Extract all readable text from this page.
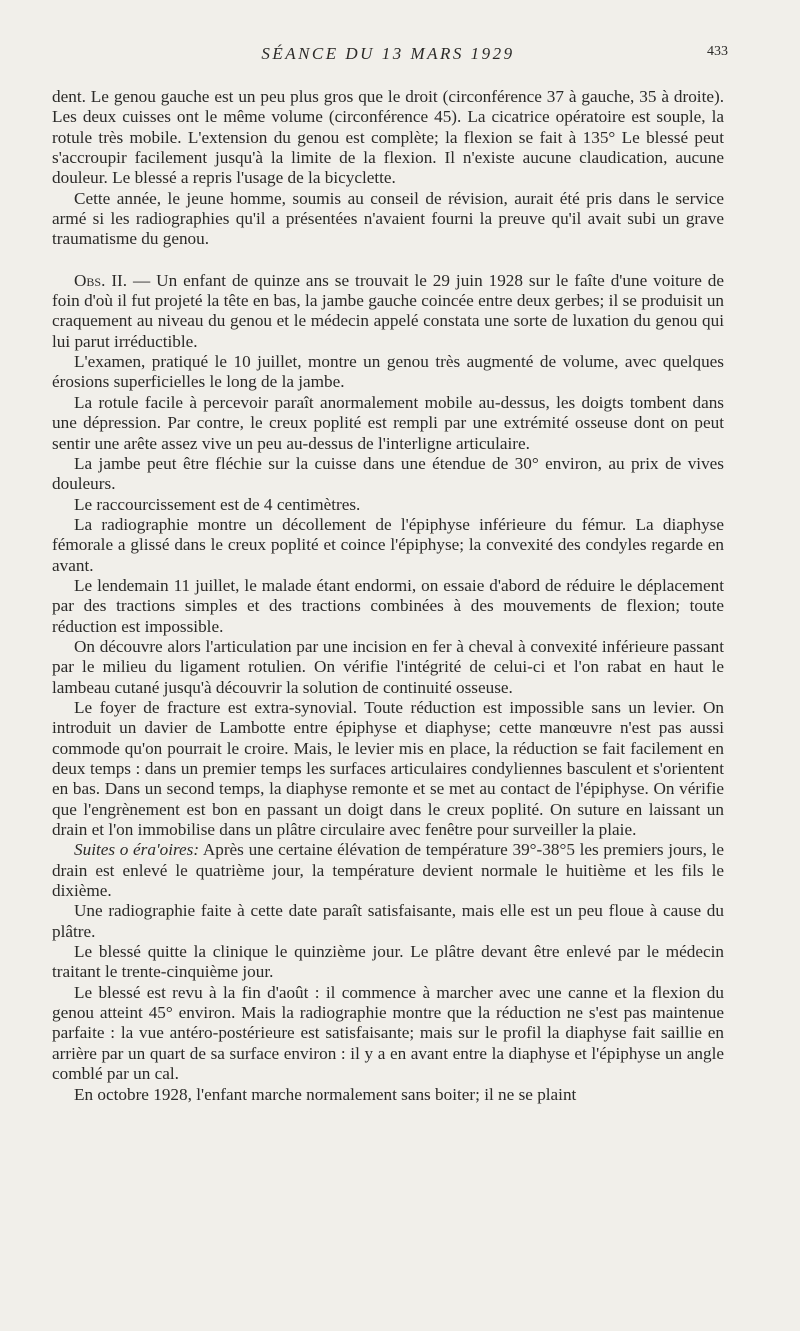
SÉANCE DU 13 MARS 1929	433

dent. Le genou gauche est un peu plus gros que le droit (circonférence 37 à gauche, 35 à droite). Les deux cuisses ont le même volume (circonférence 45). La cicatrice opératoire est souple, la rotule très mobile. L'extension du genou est complète; la flexion se fait à 135° Le blessé peut s'accroupir facilement jusqu'à la limite de la flexion. Il n'existe aucune claudication, aucune douleur. Le blessé a repris l'usage de la bicyclette.

Cette année, le jeune homme, soumis au conseil de révision, aurait été pris dans le service armé si les radiographies qu'il a présentées n'avaient fourni la preuve qu'il avait subi un grave traumatisme du genou.

Obs. II. — Un enfant de quinze ans se trouvait le 29 juin 1928 sur le faîte d'une voiture de foin d'où il fut projeté la tête en bas, la jambe gauche coincée entre deux gerbes; il se produisit un craquement au niveau du genou et le médecin appelé constata une sorte de luxation du genou qui lui parut irréductible.

L'examen, pratiqué le 10 juillet, montre un genou très augmenté de volume, avec quelques érosions superficielles le long de la jambe.

La rotule facile à percevoir paraît anormalement mobile au-dessus, les doigts tombent dans une dépression. Par contre, le creux poplité est rempli par une extrémité osseuse dont on peut sentir une arête assez vive un peu au-dessus de l'interligne articulaire.

La jambe peut être fléchie sur la cuisse dans une étendue de 30° environ, au prix de vives douleurs.

Le raccourcissement est de 4 centimètres.

La radiographie montre un décollement de l'épiphyse inférieure du fémur. La diaphyse fémorale a glissé dans le creux poplité et coince l'épiphyse; la convexité des condyles regarde en avant.

Le lendemain 11 juillet, le malade étant endormi, on essaie d'abord de réduire le déplacement par des tractions simples et des tractions combinées à des mouvements de flexion; toute réduction est impossible.

On découvre alors l'articulation par une incision en fer à cheval à convexité inférieure passant par le milieu du ligament rotulien. On vérifie l'intégrité de celui-ci et l'on rabat en haut le lambeau cutané jusqu'à découvrir la solution de continuité osseuse.

Le foyer de fracture est extra-synovial. Toute réduction est impossible sans un levier. On introduit un davier de Lambotte entre épiphyse et diaphyse; cette manœuvre n'est pas aussi commode qu'on pourrait le croire. Mais, le levier mis en place, la réduction se fait facilement en deux temps : dans un premier temps les surfaces articulaires condyliennes basculent et s'orientent en bas. Dans un second temps, la diaphyse remonte et se met au contact de l'épiphyse. On vérifie que l'engrènement est bon en passant un doigt dans le creux poplité. On suture en laissant un drain et l'on immobilise dans un plâtre circulaire avec fenêtre pour surveiller la plaie.

Suites o éra'oires: Après une certaine élévation de température 39°-38°5 les premiers jours, le drain est enlevé le quatrième jour, la température devient normale le huitième et les fils le dixième.

Une radiographie faite à cette date paraît satisfaisante, mais elle est un peu floue à cause du plâtre.

Le blessé quitte la clinique le quinzième jour. Le plâtre devant être enlevé par le médecin traitant le trente-cinquième jour.

Le blessé est revu à la fin d'août : il commence à marcher avec une canne et la flexion du genou atteint 45° environ. Mais la radiographie montre que la réduction ne s'est pas maintenue parfaite : la vue antéro-postérieure est satisfaisante; mais sur le profil la diaphyse fait saillie en arrière par un quart de sa surface environ : il y a en avant entre la diaphyse et l'épiphyse un angle comblé par un cal.

En octobre 1928, l'enfant marche normalement sans boiter; il ne se plaint
